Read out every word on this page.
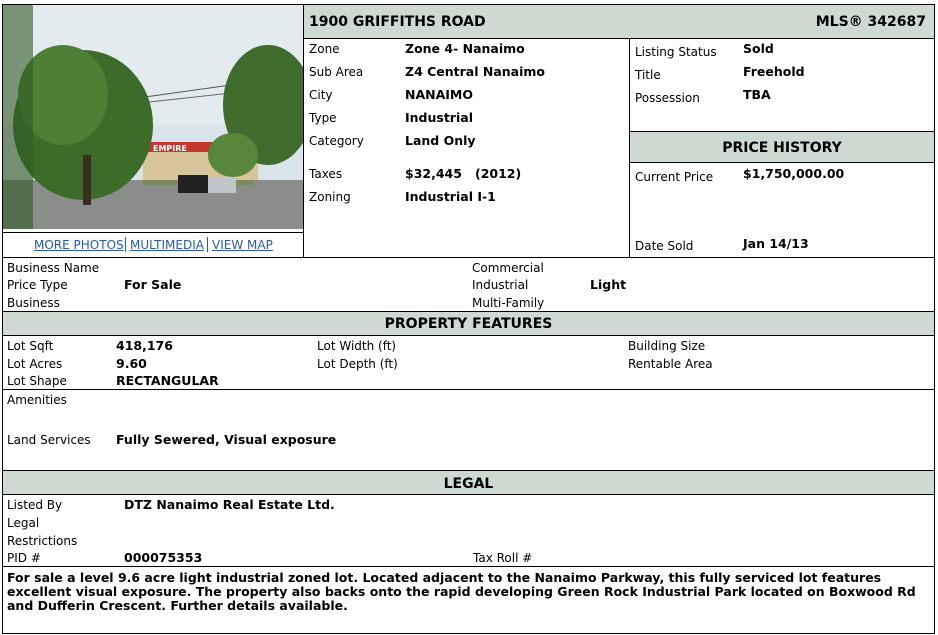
EMPIRE
MORE PHOTOS MULTIMEDIA VIEW MAP
1900 GRIFFITHS ROAD	MLS® 342687
Zone	Zone 4- Nanaimo
Sub Area	Z4 Central Nanaimo
City	NANAIMO
Type	Industrial
Category	Land Only
Taxes	$32,445   (2012)
Zoning	Industrial I-1
Listing Status Sold
Title	Freehold
Possession	TBA
PRICE HISTORY
Current Price $1,750,000.00
Date Sold	Jan 14/13
Business Name
Price Type	For Sale
Business
Commercial
Industrial	Light
Multi-Family
PROPERTY FEATURES
Lot Sqft	418,176
Lot Acres	9.60
Lot Shape	RECTANGULAR
Lot Width (ft)
Lot Depth (ft)
Building Size
Rentable Area
Amenities
Land Services Fully Sewered, Visual exposure
LEGAL
Listed By	DTZ Nanaimo Real Estate Ltd.
Legal
Restrictions
PID #	000075353	Tax Roll #
For sale a level 9.6 acre light industrial zoned lot. Located adjacent to the Nanaimo Parkway, this fully serviced lot features excellent visual exposure. The property also backs onto the rapid developing Green Rock Industrial Park located on Boxwood Rd and Dufferin Crescent. Further details available.
